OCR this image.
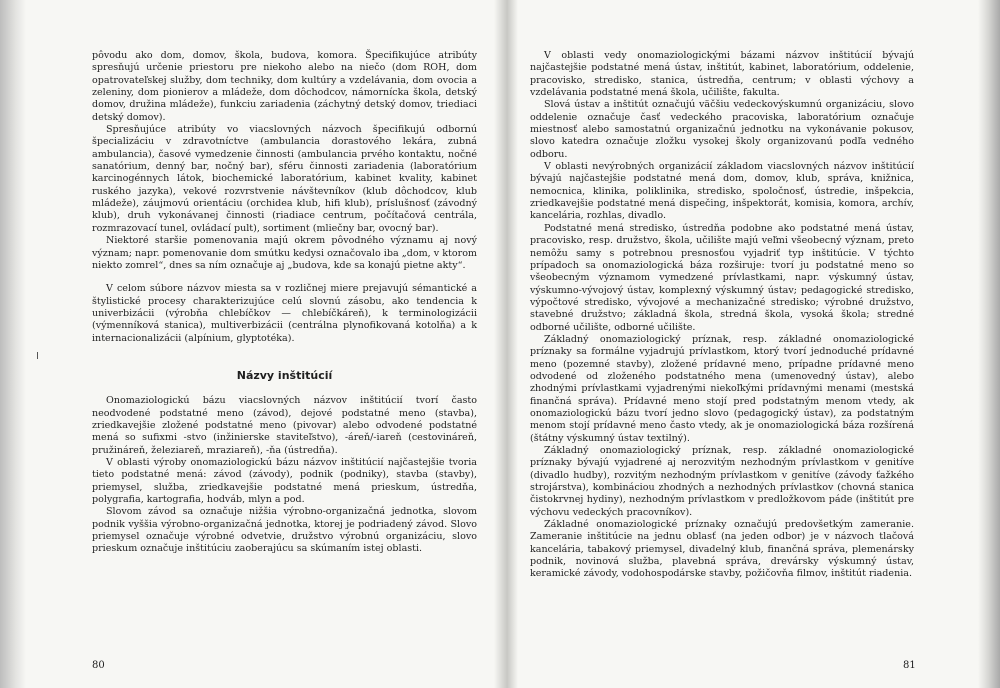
pôvodu ako dom, domov, škola, budova, komora. Špecifikujúce atribúty spresňujú určenie priestoru pre niekoho alebo na niečo (dom ROH, dom opatrovateľskej služby, dom techniky, dom kultúry a vzdelávania, dom ovocia a zeleniny, dom pionierov a mládeže, dom dôchodcov, námornícka škola, detský domov, družina mládeže), funkciu zariadenia (záchytný detský domov, triediaci detský domov).

Spresňujúce atribúty vo viacslovných názvoch špecifikujú odbornú špecializáciu v zdravotníctve (ambulancia dorastového lekára, zubná ambulancia), časové vymedzenie činnosti (ambulancia prvého kontaktu, nočné sanatórium, denný bar, nočný bar), sféru činnosti zariadenia (laboratórium karcinogénnych látok, biochemické laboratórium, kabinet kvality, kabinet ruského jazyka), vekové rozvrstvenie návštevníkov (klub dôchodcov, klub mládeže), záujmovú orientáciu (orchidea klub, hifi klub), príslušnosť (závodný klub), druh vykonávanej činnosti (riadiace centrum, počítačová centrála, rozmrazovací tunel, ovládací pult), sortiment (mliečny bar, ovocný bar).

Niektoré staršie pomenovania majú okrem pôvodného významu aj nový význam; napr. pomenovanie dom smútku kedysi označovalo iba „dom, v ktorom niekto zomrel“, dnes sa ním označuje aj „budova, kde sa konajú pietne akty“.

V celom súbore názvov miesta sa v rozličnej miere prejavujú sémantické a štylistické procesy charakterizujúce celú slovnú zásobu, ako tendencia k univerbizácii (výrobňa chlebíčkov — chlebíčkáreň), k terminologizácii (výmenníková stanica), multiverbizácii (centrálna plynofikovaná kotolňa) a k internacionalizácii (alpínium, glyptotéka).

Názvy inštitúcií

Onomaziologickú bázu viacslovných názvov inštitúcií tvorí často neodvodené podstatné meno (závod), dejové podstatné meno (stavba), zriedkavejšie zložené podstatné meno (pivovar) alebo odvodené podstatné mená so sufixmi -stvo (inžinierske staviteľstvo), -áreň/-iareň (cestovináreň, pružináreň, železiareň, mraziareň), -ňa (ústredňa).

V oblasti výroby onomaziologickú bázu názvov inštitúcií najčastejšie tvoria tieto podstatné mená: závod (závody), podnik (podniky), stavba (stavby), priemysel, služba, zriedkavejšie podstatné mená prieskum, ústredňa, polygrafia, kartografia, hodváb, mlyn a pod.

Slovom závod sa označuje nižšia výrobno-organizačná jednotka, slovom podnik vyššia výrobno-organizačná jednotka, ktorej je podriadený závod. Slovo priemysel označuje výrobné odvetvie, družstvo výrobnú organizáciu, slovo prieskum označuje inštitúciu zaoberajúcu sa skúmaním istej oblasti.

80

V oblasti vedy onomaziologickými bázami názvov inštitúcií bývajú najčastejšie podstatné mená ústav, inštitút, kabinet, laboratórium, oddelenie, pracovisko, stredisko, stanica, ústredňa, centrum; v oblasti výchovy a vzdelávania podstatné mená škola, učilište, fakulta.

Slová ústav a inštitút označujú väčšiu vedeckovýskumnú organizáciu, slovo oddelenie označuje časť vedeckého pracoviska, laboratórium označuje miestnosť alebo samostatnú organizačnú jednotku na vykonávanie pokusov, slovo katedra označuje zložku vysokej školy organizovanú podľa vedného odboru.

V oblasti nevýrobných organizácií základom viacslovných názvov inštitúcií bývajú najčastejšie podstatné mená dom, domov, klub, správa, knižnica, nemocnica, klinika, poliklinika, stredisko, spoločnosť, ústredie, inšpekcia, zriedkavejšie podstatné mená dispečing, inšpektorát, komisia, komora, archív, kancelária, rozhlas, divadlo.

Podstatné mená stredisko, ústredňa podobne ako podstatné mená ústav, pracovisko, resp. družstvo, škola, učilište majú veľmi všeobecný význam, preto nemôžu samy s potrebnou presnosťou vyjadriť typ inštitúcie. V týchto prípadoch sa onomaziologická báza rozširuje: tvorí ju podstatné meno so všeobecným významom vymedzené prívlastkami, napr. výskumný ústav, výskumno-vývojový ústav, komplexný výskumný ústav; pedagogické stredisko, výpočtové stredisko, vývojové a mechanizačné stredisko; výrobné družstvo, stavebné družstvo; základná škola, stredná škola, vysoká škola; stredné odborné učilište, odborné učilište.

Základný onomaziologický príznak, resp. základné onomaziologické príznaky sa formálne vyjadrujú prívlastkom, ktorý tvorí jednoduché prídavné meno (pozemné stavby), zložené prídavné meno, prípadne prídavné meno odvodené od zloženého podstatného mena (umenovedný ústav), alebo zhodnými prívlastkami vyjadrenými niekoľkými prídavnými menami (mestská finančná správa). Prídavné meno stojí pred podstatným menom vtedy, ak onomaziologickú bázu tvorí jedno slovo (pedagogický ústav), za podstatným menom stojí prídavné meno často vtedy, ak je onomaziologická báza rozšírená (štátny výskumný ústav textilný).

Základný onomaziologický príznak, resp. základné onomaziologické príznaky bývajú vyjadrené aj nerozvitým nezhodným prívlastkom v genitíve (divadlo hudby), rozvitým nezhodným prívlastkom v genitíve (závody ťažkého strojárstva), kombináciou zhodných a nezhodných prívlastkov (chovná stanica čistokrvnej hydiny), nezhodným prívlastkom v predložkovom páde (inštitút pre výchovu vedeckých pracovníkov).

Základné onomaziologické príznaky označujú predovšetkým zameranie. Zameranie inštitúcie na jednu oblasť (na jeden odbor) je v názvoch tlačová kancelária, tabakový priemysel, divadelný klub, finančná správa, plemenársky podnik, novinová služba, plavebná správa, drevársky výskumný ústav, keramické závody, vodohospodárske stavby, požičovňa filmov, inštitút riadenia.

81
